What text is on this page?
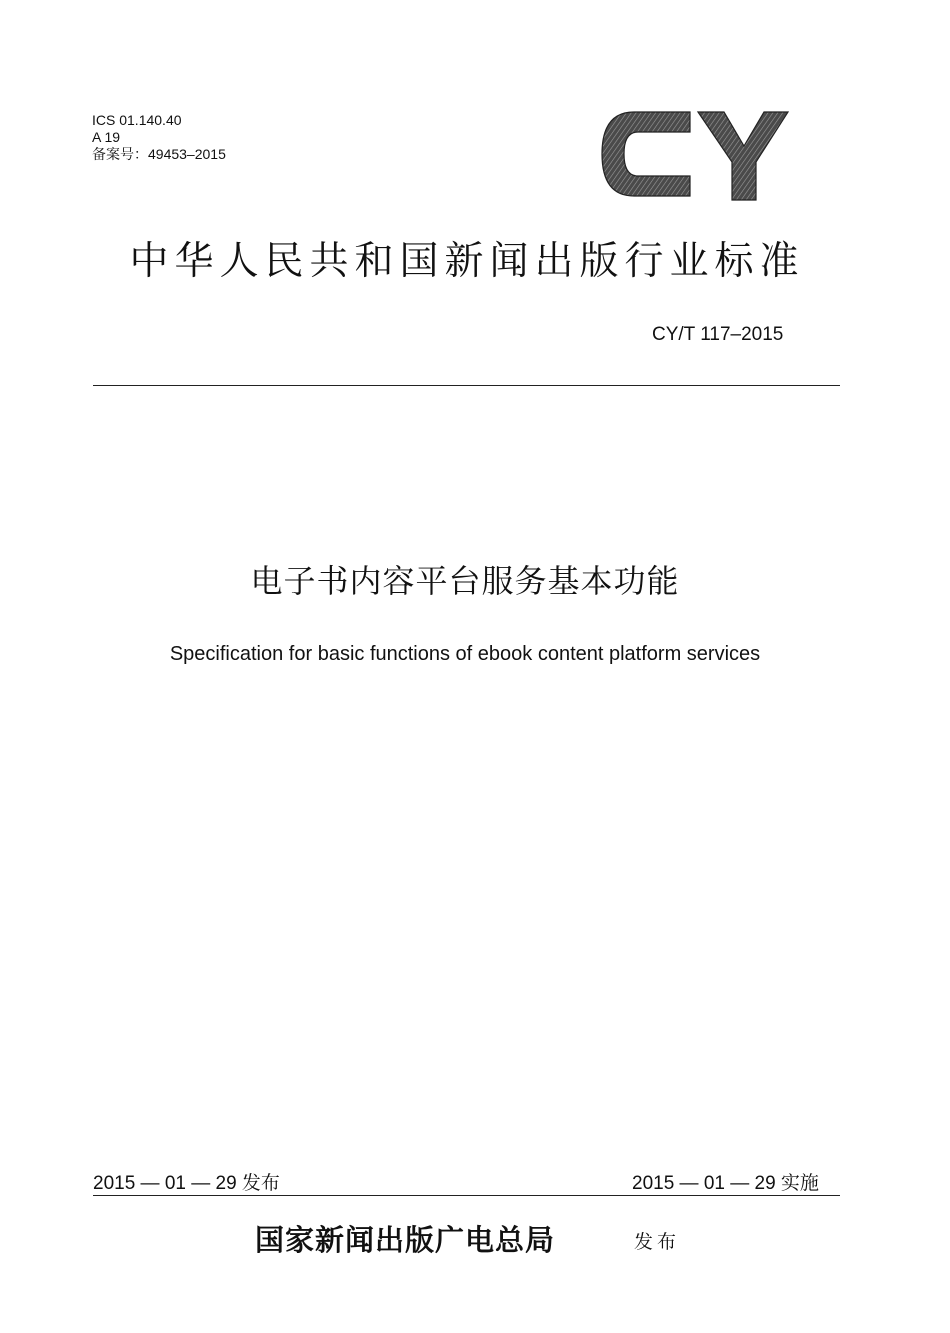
ICS 01.140.40
A 19
备案号：49453–2015
中华人民共和国新闻出版行业标准
CY/T 117–2015
电子书内容平台服务基本功能
Specification for basic functions of ebook content platform services
2015 — 01 — 29 发布	2015 — 01 — 29 实施
国家新闻出版广电总局	发布
